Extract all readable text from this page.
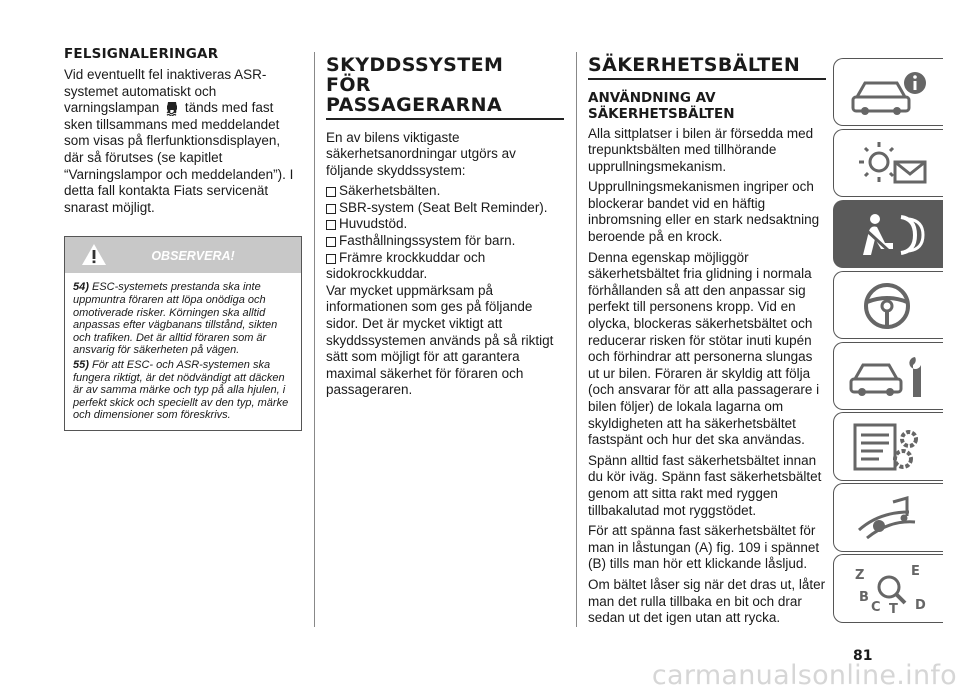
FELSIGNALERINGAR

Vid eventuellt fel inaktiveras ASR-systemet automatiskt och varningslampan tänds med fast sken tillsammans med meddelandet som visas på flerfunktionsdisplayen, där så förutses (se kapitlet “Varningslampor och meddelanden”). I detta fall kontakta Fiats servicenät snarast möjligt.

OBSERVERA!

54) ESC-systemets prestanda ska inte uppmuntra föraren att löpa onödiga och omotiverade risker. Körningen ska alltid anpassas efter vägbanans tillstånd, sikten och trafiken. Det är alltid föraren som är ansvarig för säkerheten på vägen.

55) För att ESC- och ASR-systemen ska fungera riktigt, är det nödvändigt att däcken är av samma märke och typ på alla hjulen, i perfekt skick och speciellt av den typ, märke och dimensioner som föreskrivs.

SKYDDSSYSTEM
FÖR
PASSAGERARNA

En av bilens viktigaste säkerhetsanordningar utgörs av följande skyddssystem:

Säkerhetsbälten.
SBR-system (Seat Belt Reminder).
Huvudstöd.
Fasthållningssystem för barn.
Främre krockkuddar och sidokrockkuddar.

Var mycket uppmärksam på informationen som ges på följande sidor. Det är mycket viktigt att skyddssystemen används på så riktigt sätt som möjligt för att garantera maximal säkerhet för föraren och passageraren.

SÄKERHETSBÄLTEN
ANVÄNDNING AV
SÄKERHETSBÄLTEN

Alla sittplatser i bilen är försedda med trepunktsbälten med tillhörande upprullningsmekanism.

Upprullningsmekanismen ingriper och blockerar bandet vid en häftig inbromsning eller en stark nedsaktning beroende på en krock.

Denna egenskap möjliggör säkerhetsbältet fria glidning i normala förhållanden så att den anpassar sig perfekt till personens kropp. Vid en olycka, blockeras säkerhetsbältet och reducerar risken för stötar inuti kupén och förhindrar att personerna slungas ut ur bilen. Föraren är skyldig att följa (och ansvarar för att alla passagerare i bilen följer) de lokala lagarna om skyldigheten att ha säkerhetsbältet fastspänt och hur det ska användas.

Spänn alltid fast säkerhetsbältet innan du kör iväg. Spänn fast säkerhetsbältet genom att sitta rakt med ryggen tillbakalutad mot ryggstödet.

För att spänna fast säkerhetsbältet för man in låstungan (A) fig. 109 i spännet (B) tills man hör ett klickande låsljud.

Om bältet låser sig när det dras ut, låter man det rulla tillbaka en bit och drar sedan ut det igen utan att rycka.

Z	E
B
C T D
81
carmanualsonline.info
